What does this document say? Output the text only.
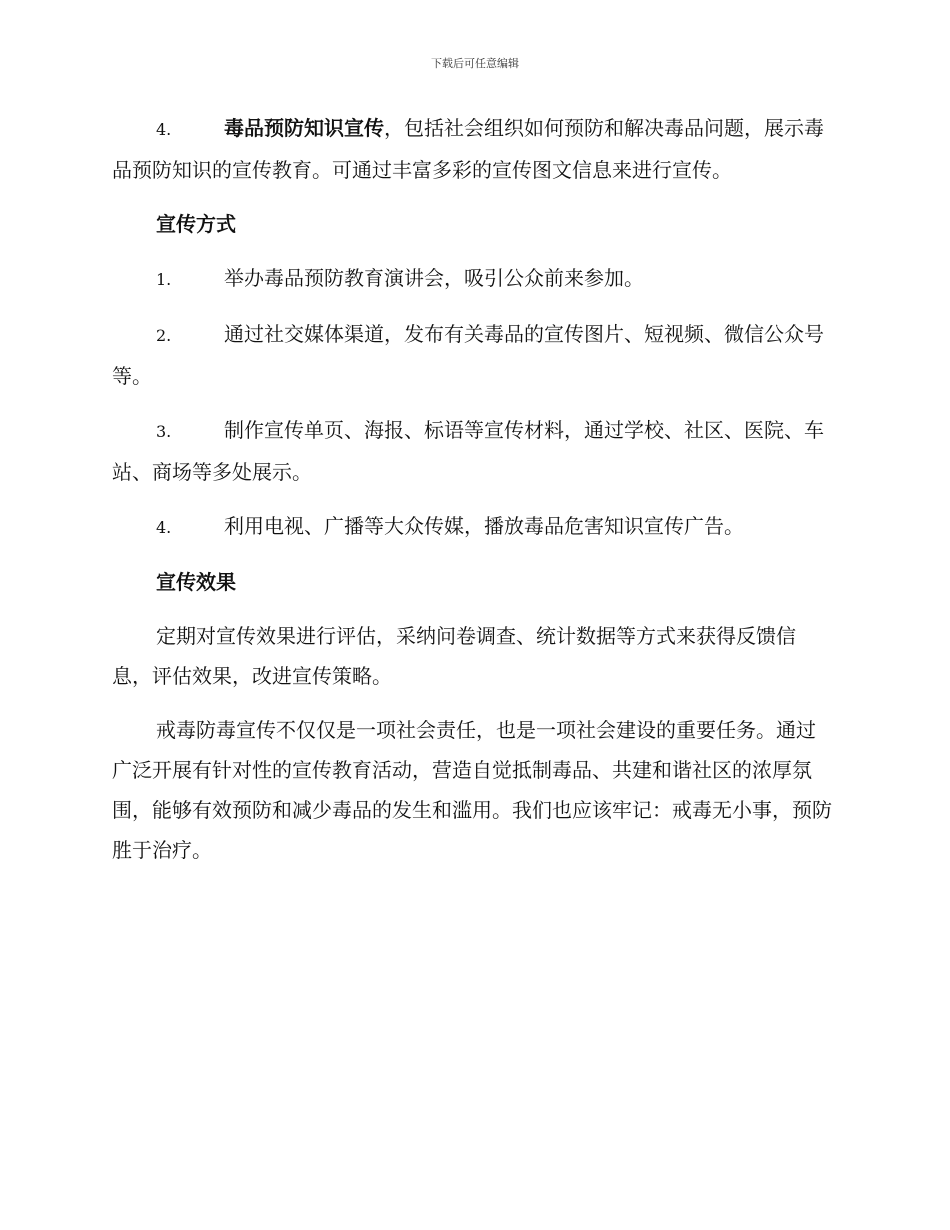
下载后可任意编辑

4.	毒品预防知识宣传，包括社会组织如何预防和解决毒品问题，展示毒品预防知识的宣传教育。可通过丰富多彩的宣传图文信息来进行宣传。

宣传方式

1.	举办毒品预防教育演讲会，吸引公众前来参加。

2.	通过社交媒体渠道，发布有关毒品的宣传图片、短视频、微信公众号等。

3.	制作宣传单页、海报、标语等宣传材料，通过学校、社区、医院、车站、商场等多处展示。

4.	利用电视、广播等大众传媒，播放毒品危害知识宣传广告。

宣传效果

定期对宣传效果进行评估，采纳问卷调查、统计数据等方式来获得反馈信息，评估效果，改进宣传策略。

戒毒防毒宣传不仅仅是一项社会责任，也是一项社会建设的重要任务。通过广泛开展有针对性的宣传教育活动，营造自觉抵制毒品、共建和谐社区的浓厚氛围，能够有效预防和减少毒品的发生和滥用。我们也应该牢记：戒毒无小事，预防胜于治疗。
